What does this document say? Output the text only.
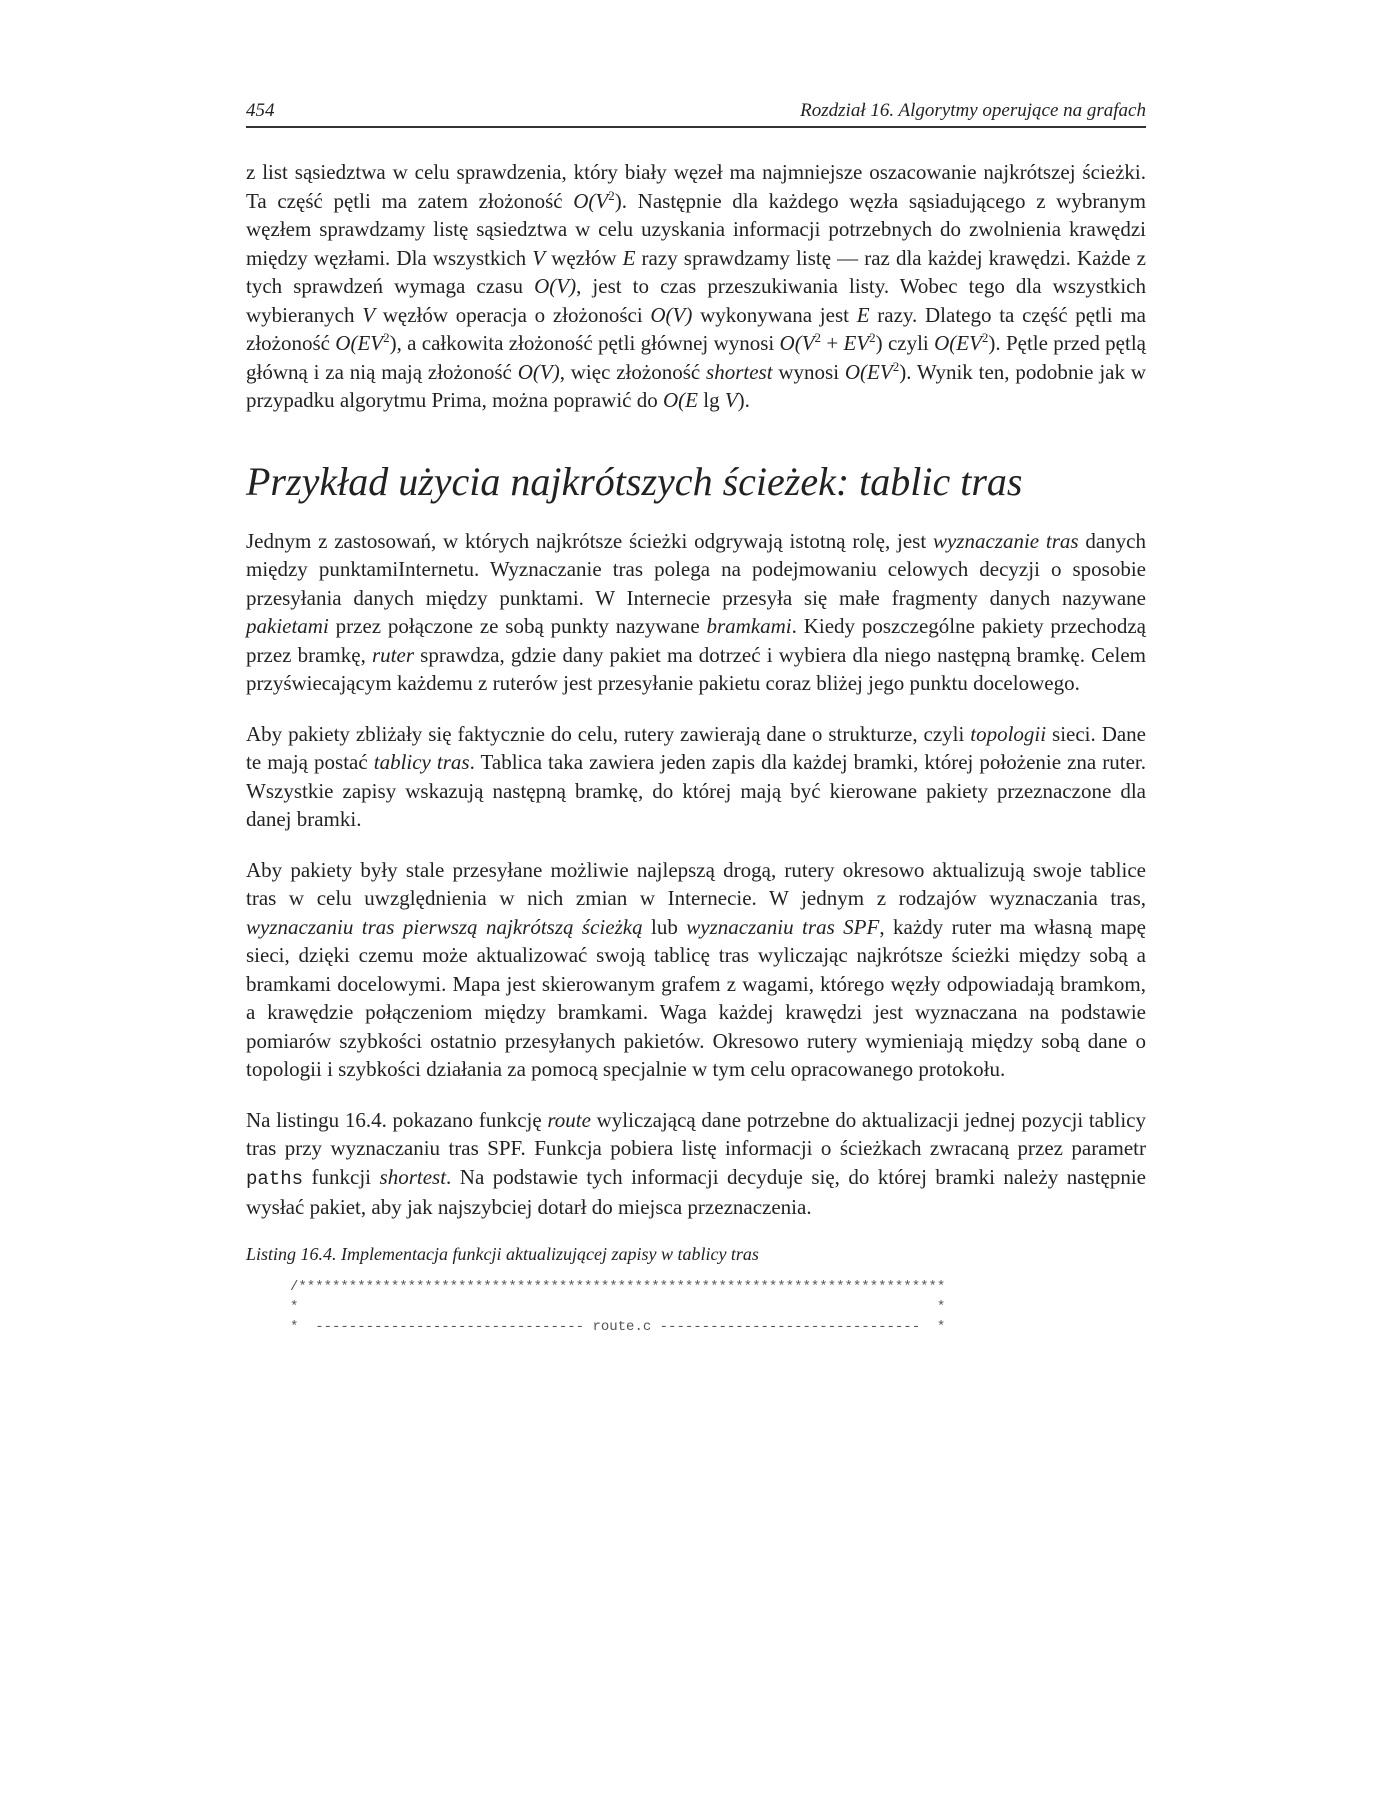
454	Rozdział 16. Algorytmy operujące na grafach

z list sąsiedztwa w celu sprawdzenia, który biały węzeł ma najmniejsze oszacowanie najkrótszej ścieżki. Ta część pętli ma zatem złożoność $O(V^2)$. Następnie dla każdego węzła sąsiadującego z wybranym węzłem sprawdzamy listę sąsiedztwa w celu uzyskania informacji potrzebnych do zwolnienia krawędzi między węzłami. Dla wszystkich V węzłów E razy sprawdzamy listę — raz dla każdej krawędzi. Każde z tych sprawdzeń wymaga czasu O(V), jest to czas przeszukiwania listy. Wobec tego dla wszystkich wybieranych V węzłów operacja o złożoności O(V) wykonywana jest E razy. Dlatego ta część pętli ma złożoność $O(EV^2)$, a całkowita złożoność pętli głównej wynosi $O(V^2 + EV^2)$ czyli $O(EV^2)$. Pętle przed pętlą główną i za nią mają złożoność O(V), więc złożoność shortest wynosi $O(EV^2)$. Wynik ten, podobnie jak w przypadku algorytmu Prima, można poprawić do O(E lg V).

Przykład użycia najkrótszych ścieżek: tablic tras

Jednym z zastosowań, w których najkrótsze ścieżki odgrywają istotną rolę, jest wyznaczanie tras danych między punktamiInternetu. Wyznaczanie tras polega na podejmowaniu celowych decyzji o sposobie przesyłania danych między punktami. W Internecie przesyła się małe fragmenty danych nazywane pakietami przez połączone ze sobą punkty nazywane bramkami. Kiedy poszczególne pakiety przechodzą przez bramkę, ruter sprawdza, gdzie dany pakiet ma dotrzeć i wybiera dla niego następną bramkę. Celem przyświecającym każdemu z ruterów jest przesyłanie pakietu coraz bliżej jego punktu docelowego.

Aby pakiety zbliżały się faktycznie do celu, rutery zawierają dane o strukturze, czyli topologii sieci. Dane te mają postać tablicy tras. Tablica taka zawiera jeden zapis dla każdej bramki, której położenie zna ruter. Wszystkie zapisy wskazują następną bramkę, do której mają być kierowane pakiety przeznaczone dla danej bramki.

Aby pakiety były stale przesyłane możliwie najlepszą drogą, rutery okresowo aktualizują swoje tablice tras w celu uwzględnienia w nich zmian w Internecie. W jednym z rodzajów wyznaczania tras, wyznaczaniu tras pierwszą najkrótszą ścieżką lub wyznaczaniu tras SPF, każdy ruter ma własną mapę sieci, dzięki czemu może aktualizować swoją tablicę tras wyliczając najkrótsze ścieżki między sobą a bramkami docelowymi. Mapa jest skierowanym grafem z wagami, którego węzły odpowiadają bramkom, a krawędzie połączeniom między bramkami. Waga każdej krawędzi jest wyznaczana na podstawie pomiarów szybkości ostatnio przesyłanych pakietów. Okresowo rutery wymieniają między sobą dane o topologii i szybkości działania za pomocą specjalnie w tym celu opracowanego protokołu.

Na listingu 16.4. pokazano funkcję route wyliczającą dane potrzebne do aktualizacji jednej pozycji tablicy tras przy wyznaczaniu tras SPF. Funkcja pobiera listę informacji o ścieżkach zwracaną przez parametr paths funkcji shortest. Na podstawie tych informacji decyduje się, do której bramki należy następnie wysłać pakiet, aby jak najszybciej dotarł do miejsca przeznaczenia.

Listing 16.4. Implementacja funkcji aktualizującej zapisy w tablicy tras
/*****************************************************************************
*                                                                            *
*  -------------------------------- route.c -------------------------------  *
